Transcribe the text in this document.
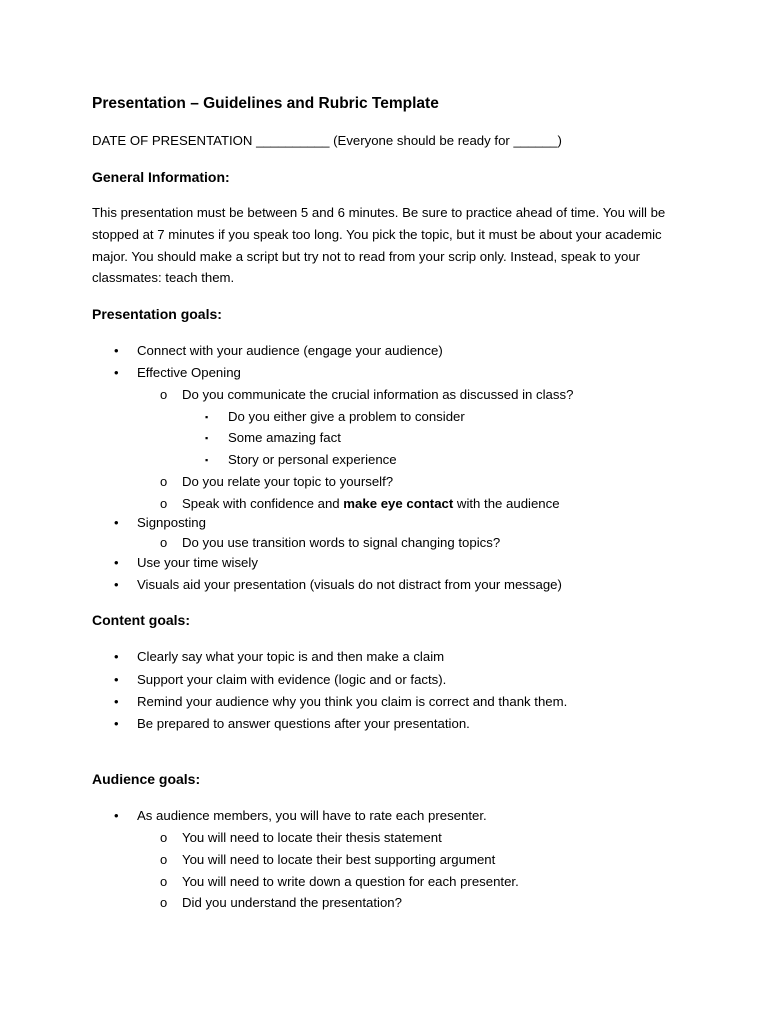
Presentation – Guidelines and Rubric Template
DATE OF PRESENTATION __________ (Everyone should be ready for ______)
General Information:
This presentation must be between 5 and 6 minutes. Be sure to practice ahead of time. You will be stopped at 7 minutes if you speak too long. You pick the topic, but it must be about your academic major. You should make a script but try not to read from your scrip only. Instead, speak to your classmates: teach them.
Presentation goals:
• Connect with your audience (engage your audience)
• Effective Opening
o Do you communicate the crucial information as discussed in class?
▪ Do you either give a problem to consider
▪ Some amazing fact
▪ Story or personal experience
o Do you relate your topic to yourself?
o Speak with confidence and make eye contact with the audience
• Signposting
o Do you use transition words to signal changing topics?
• Use your time wisely
• Visuals aid your presentation (visuals do not distract from your message)
Content goals:
• Clearly say what your topic is and then make a claim
• Support your claim with evidence (logic and or facts).
• Remind your audience why you think you claim is correct and thank them.
• Be prepared to answer questions after your presentation.
Audience goals:
• As audience members, you will have to rate each presenter.
o You will need to locate their thesis statement
o You will need to locate their best supporting argument
o You will need to write down a question for each presenter.
o Did you understand the presentation?
